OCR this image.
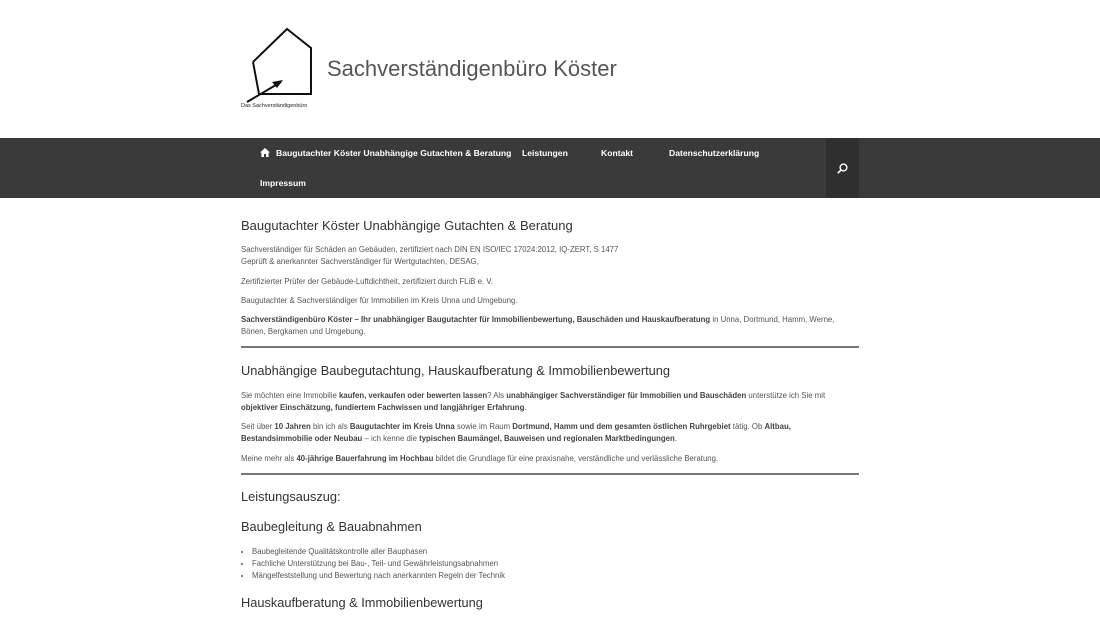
Das Sachverständigenbüro
Sachverständigenbüro Köster
Baugutachter Köster Unabhängige Gutachten & Beratung Leistungen	Kontakt	Datenschutzerklärung
Impressum
Baugutachter Köster Unabhängige Gutachten & Beratung

Sachverständiger für Schäden an Gebäuden, zertifiziert nach DIN EN ISO/IEC 17024:2012, IQ-ZERT, S 1477
Geprüft & anerkannter Sachverständiger für Wertgutachten, DESAG,

Zertifizierter Prüfer der Gebäude-Luftdichtheit, zertifiziert durch FLiB e. V.

Baugutachter & Sachverständiger für Immobilien im Kreis Unna und Umgebung.

Sachverständigenbüro Köster – Ihr unabhängiger Baugutachter für Immobilienbewertung, Bauschäden und Hauskaufberatung in Unna, Dortmund, Hamm, Werne, Bönen, Bergkamen und Umgebung.

Unabhängige Baubegutachtung, Hauskaufberatung & Immobilienbewertung

Sie möchten eine Immobilie kaufen, verkaufen oder bewerten lassen? Als unabhängiger Sachverständiger für Immobilien und Bauschäden unterstütze ich Sie mit objektiver Einschätzung, fundiertem Fachwissen und langjähriger Erfahrung.

Seit über 10 Jahren bin ich als Baugutachter im Kreis Unna sowie im Raum Dortmund, Hamm und dem gesamten östlichen Ruhrgebiet tätig. Ob Altbau, Bestandsimmobilie oder Neubau – ich kenne die typischen Baumängel, Bauweisen und regionalen Marktbedingungen.

Meine mehr als 40-jährige Bauerfahrung im Hochbau bildet die Grundlage für eine praxisnahe, verständliche und verlässliche Beratung.

Leistungsauszug:
Baubegleitung & Bauabnahmen
• Baubegleitende Qualitätskontrolle aller Bauphasen
• Fachliche Unterstützung bei Bau-, Teil- und Gewährleistungsabnahmen
• Mängelfeststellung und Bewertung nach anerkannten Regeln der Technik
Hauskaufberatung & Immobilienbewertung
